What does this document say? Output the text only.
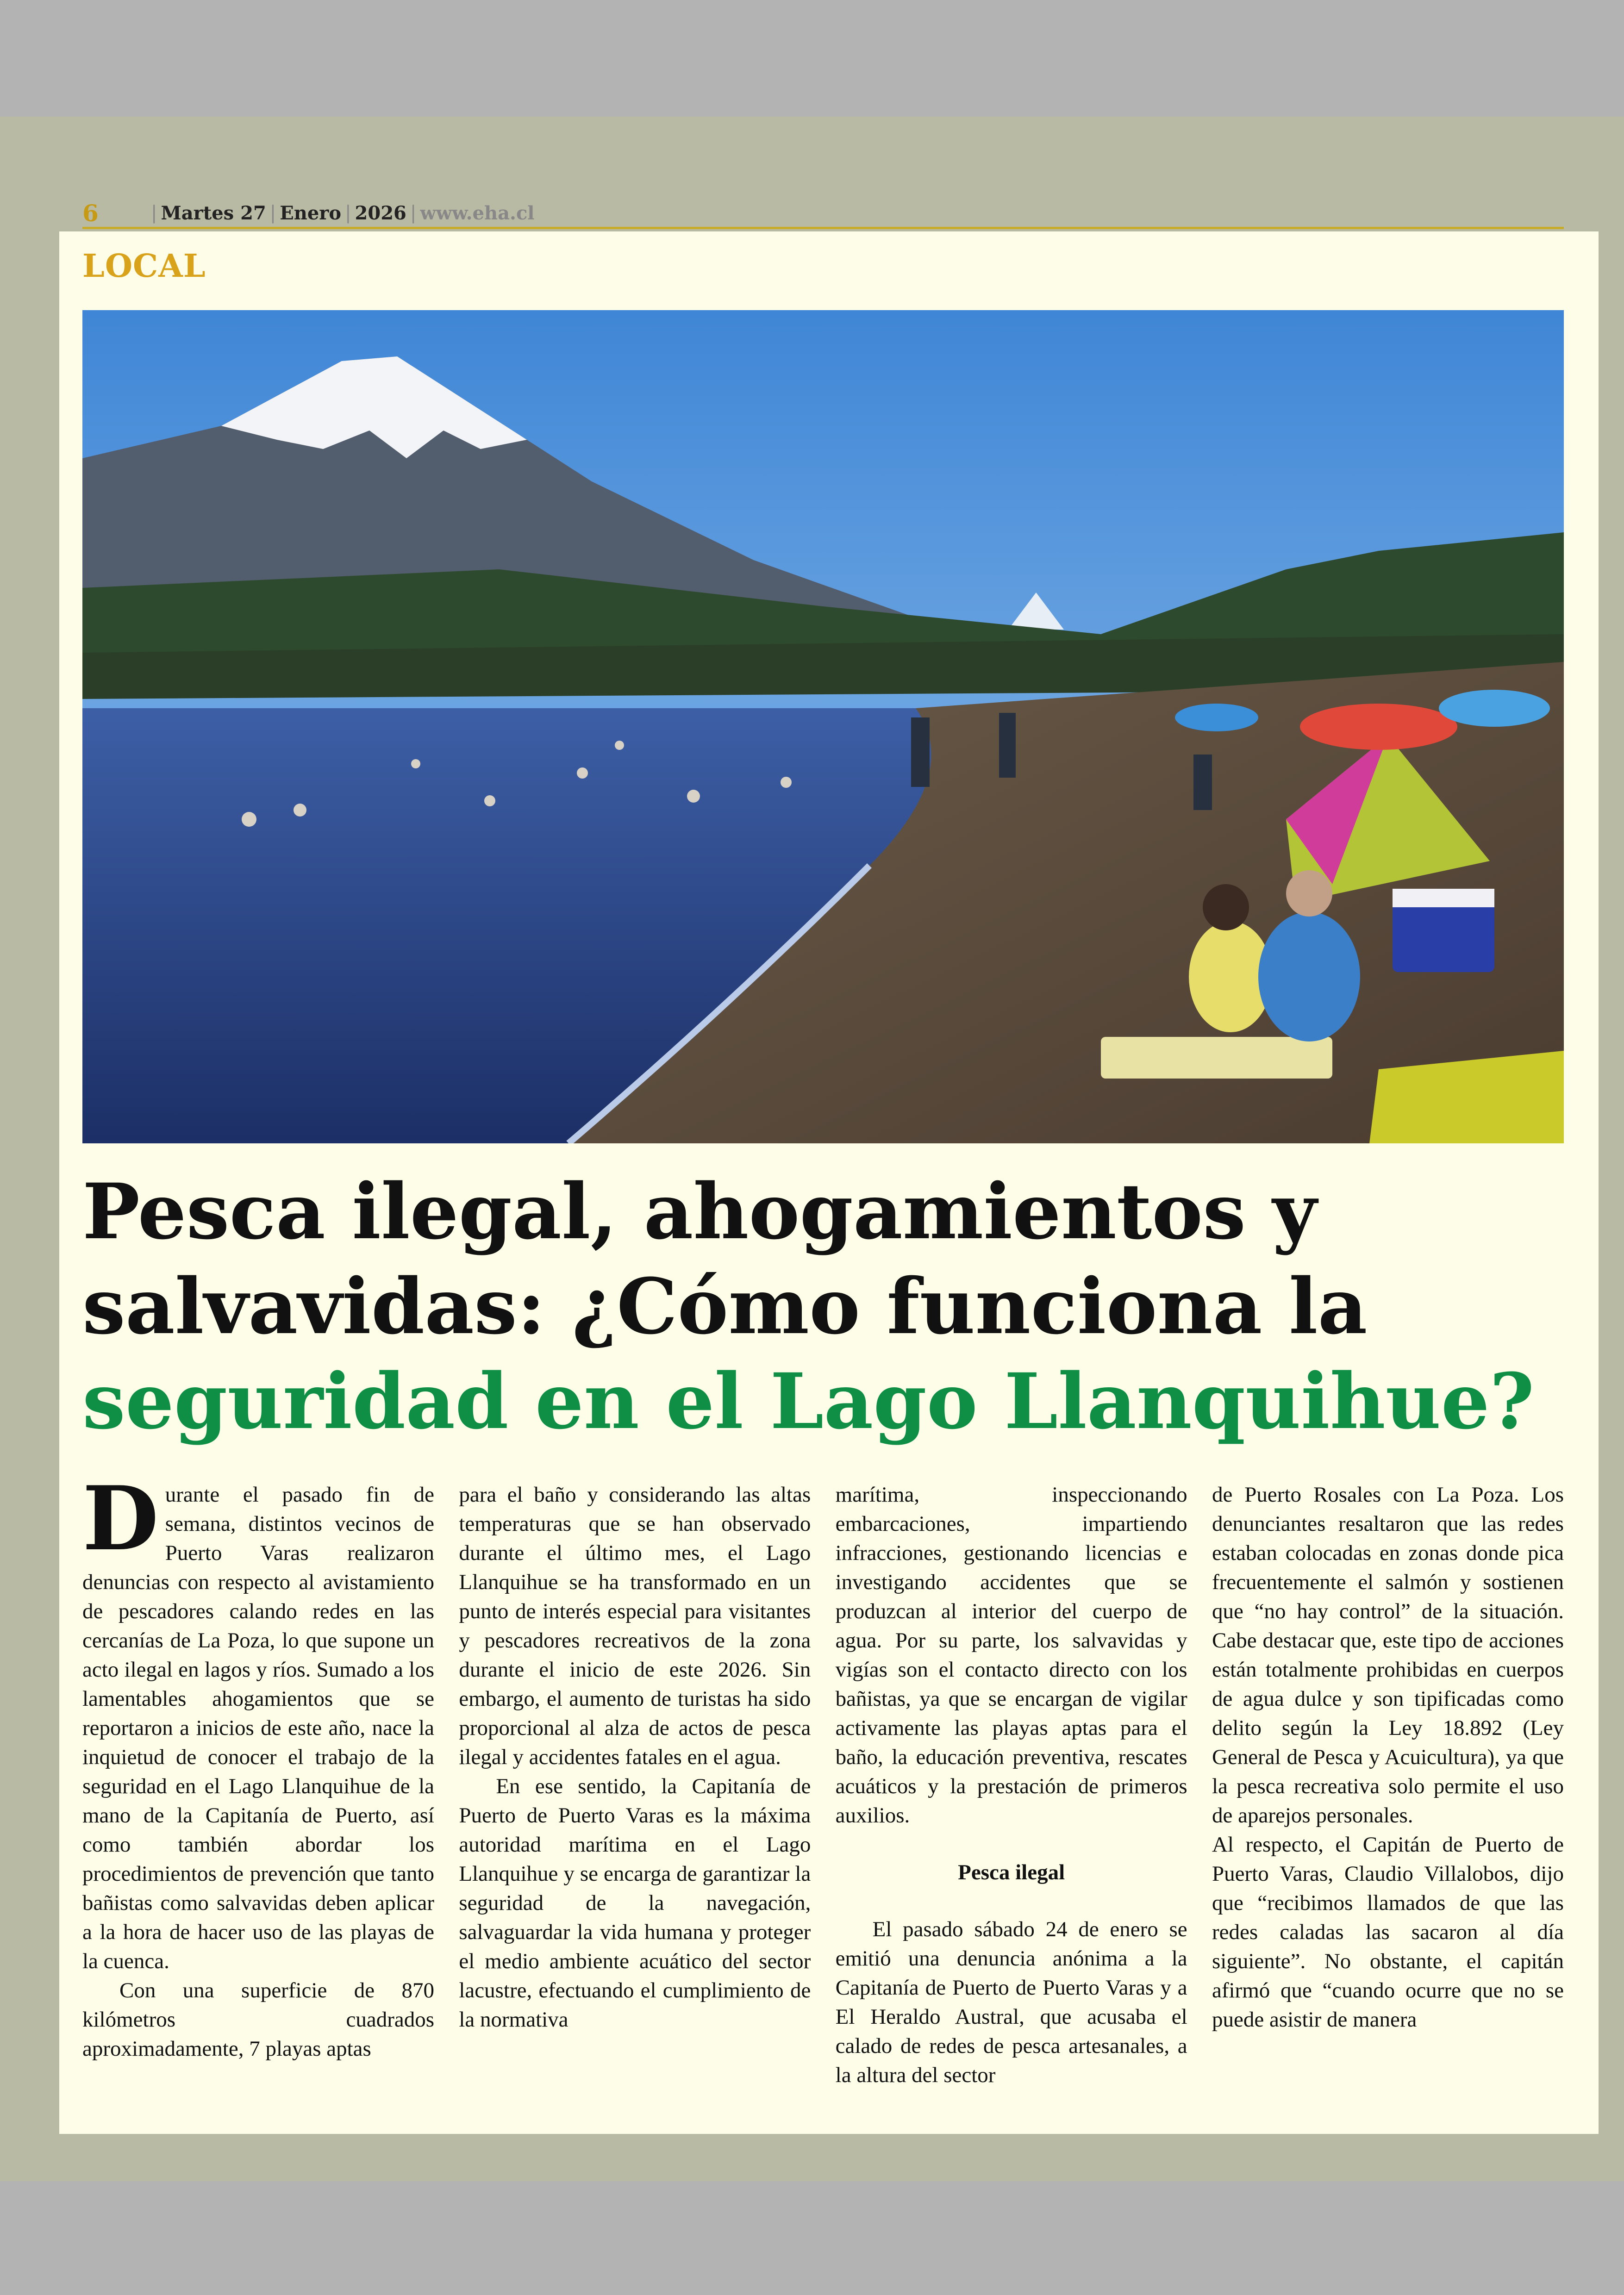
6	| Martes 27 | Enero | 2026 | www.eha.cl
LOCAL
Pesca ilegal, ahogamientos y
salvavidas: ¿Cómo funciona la
seguridad en el Lago Llanquihue?

Durante el pasado fin de semana, distintos vecinos de Puerto Varas realizaron denuncias con respecto al avistamiento de pescadores calando redes en las cercanías de La Poza, lo que supone un acto ilegal en lagos y ríos. Sumado a los lamentables ahogamientos que se reportaron a inicios de este año, nace la inquietud de conocer el trabajo de la seguridad en el Lago Llanquihue de la mano de la Capitanía de Puerto, así como también abordar los procedimientos de prevención que tanto bañistas como salvavidas deben aplicar a la hora de hacer uso de las playas de la cuenca.

Con una superficie de 870 kilómetros cuadrados aproximadamente, 7 playas aptas

para el baño y considerando las altas temperaturas que se han observado durante el último mes, el Lago Llanquihue se ha transformado en un punto de interés especial para visitantes y pescadores recreativos de la zona durante el inicio de este 2026. Sin embargo, el aumento de turistas ha sido proporcional al alza de actos de pesca ilegal y accidentes fatales en el agua.

En ese sentido, la Capitanía de Puerto de Puerto Varas es la máxima autoridad marítima en el Lago Llanquihue y se encarga de garantizar la seguridad de la navegación, salvaguardar la vida humana y proteger el medio ambiente acuático del sector lacustre, efectuando el cumplimiento de la normativa

marítima, inspeccionando embarcaciones, impartiendo infracciones, gestionando licencias e investigando accidentes que se produzcan al interior del cuerpo de agua. Por su parte, los salvavidas y vigías son el contacto directo con los bañistas, ya que se encargan de vigilar activamente las playas aptas para el baño, la educación preventiva, rescates acuáticos y la prestación de primeros auxilios.

Pesca ilegal

El pasado sábado 24 de enero se emitió una denuncia anónima a la Capitanía de Puerto de Puerto Varas y a El Heraldo Austral, que acusaba el calado de redes de pesca artesanales, a la altura del sector

de Puerto Rosales con La Poza. Los denunciantes resaltaron que las redes estaban colocadas en zonas donde pica frecuentemente el salmón y sostienen que “no hay control” de la situación. Cabe destacar que, este tipo de acciones están totalmente prohibidas en cuerpos de agua dulce y son tipificadas como delito según la Ley 18.892 (Ley General de Pesca y Acuicultura), ya que la pesca recreativa solo permite el uso de aparejos personales.

Al respecto, el Capitán de Puerto de Puerto Varas, Claudio Villalobos, dijo que “recibimos llamados de que las redes caladas las sacaron al día siguiente”. No obstante, el capitán afirmó que “cuando ocurre que no se puede asistir de manera
